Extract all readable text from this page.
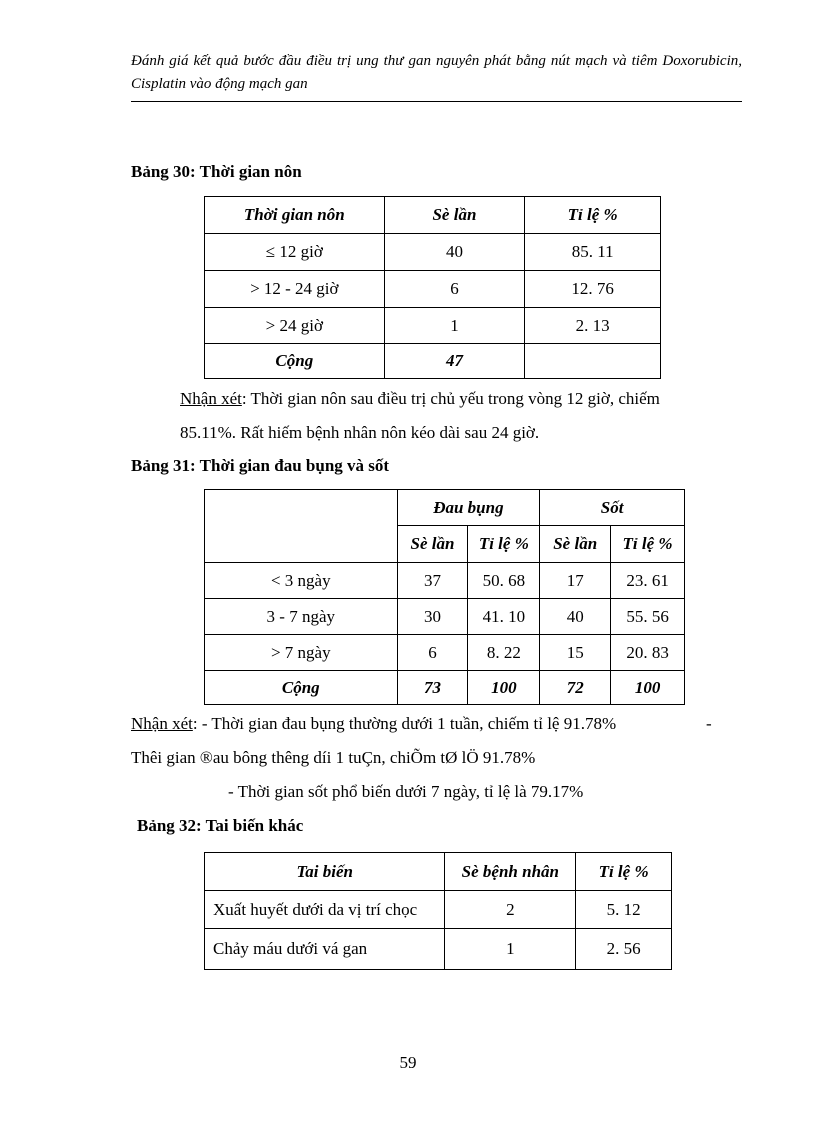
Đánh giá kết quả bước đầu điều trị ung thư gan nguyên phát bằng nút mạch và tiêm Doxorubicin, Cisplatin vào động mạch gan
Bảng 30: Thời gian nôn
Thời gian nôn	Sè lần	Tỉ lệ %
≤ 12 giờ	40	85. 11
> 12 - 24 giờ	6	12. 76
> 24 giờ	1	2. 13
Cộng	47	
Nhận xét: Thời gian nôn sau điều trị chủ yếu trong vòng 12 giờ, chiếm
85.11%. Rất hiếm bệnh nhân nôn kéo dài sau 24 giờ.
Bảng 31: Thời gian đau bụng và sốt
	Đau bụng		Sốt	
	Sè lần	Tỉ lệ %	Sè lần	Tỉ lệ %
< 3 ngày	37	50. 68	17	23. 61
3 - 7 ngày	30	41. 10	40	55. 56
> 7 ngày	6	8. 22	15	20. 83
Cộng	73	100	72	100
Nhận xét: - Thời gian đau bụng thường dưới 1 tuần, chiếm tỉ lệ 91.78%	-
Thêi gian ®au bông thêng díi 1 tuÇn, chiÕm tØ lÖ 91.78%
- Thời gian sốt phổ biến dưới 7 ngày, tỉ lệ là 79.17%
Bảng 32: Tai biến khác
Tai biến	Sè bệnh nhân	Tỉ lệ %
Xuất huyết dưới da vị trí chọc	2	5. 12
Chảy máu dưới vá gan	1	2. 56
59
